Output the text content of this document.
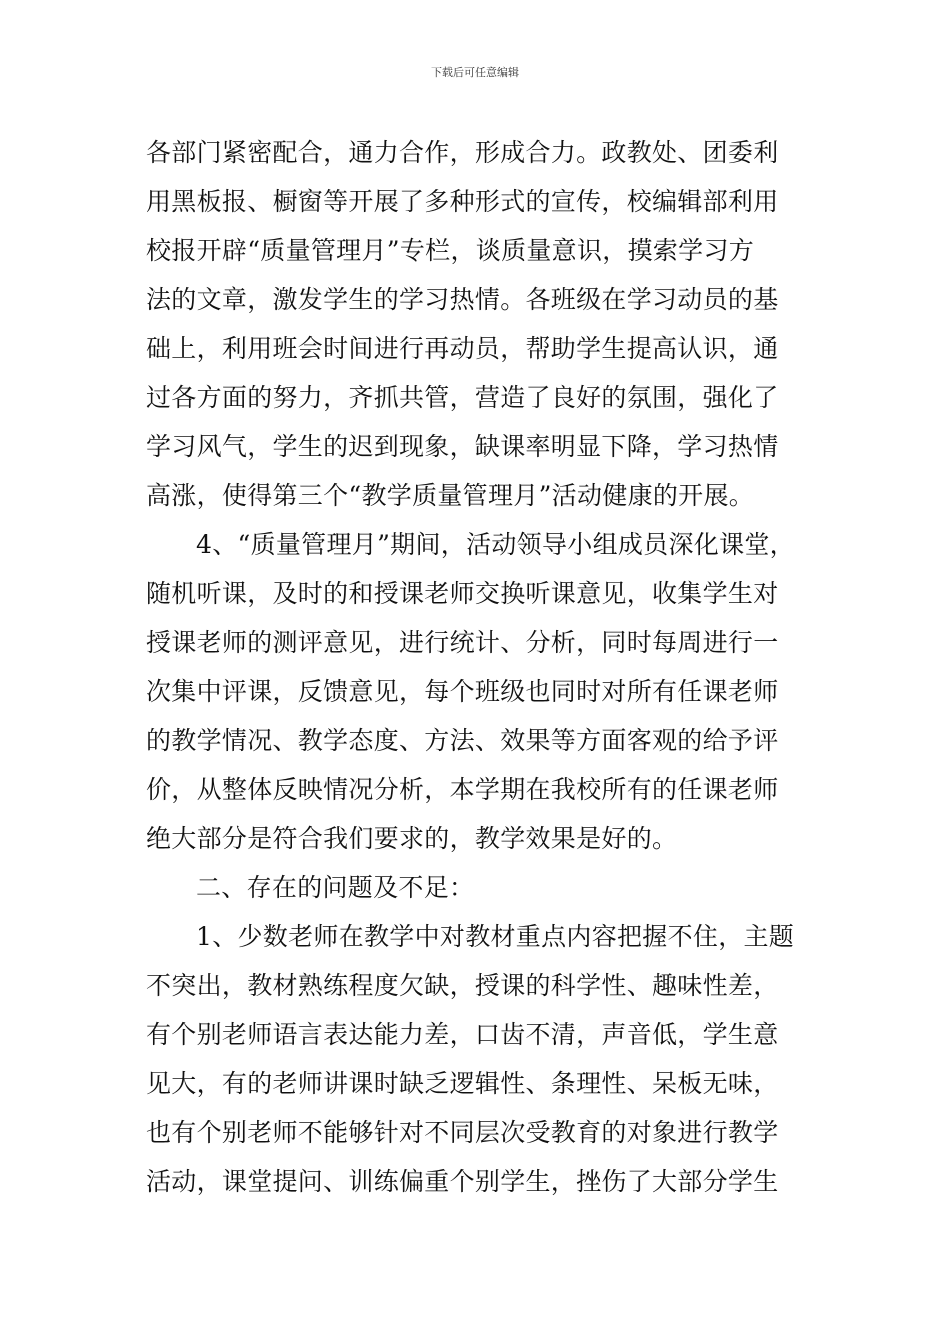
下载后可任意编辑
各部门紧密配合，通力合作，形成合力。政教处、团委利
用黑板报、橱窗等开展了多种形式的宣传，校编辑部利用
校报开辟“质量管理月”专栏，谈质量意识，摸索学习方
法的文章，激发学生的学习热情。各班级在学习动员的基
础上，利用班会时间进行再动员，帮助学生提高认识，通
过各方面的努力，齐抓共管，营造了良好的氛围，强化了
学习风气，学生的迟到现象，缺课率明显下降，学习热情
高涨，使得第三个“教学质量管理月”活动健康的开展。
4、“质量管理月”期间，活动领导小组成员深化课堂，
随机听课，及时的和授课老师交换听课意见，收集学生对
授课老师的测评意见，进行统计、分析，同时每周进行一
次集中评课，反馈意见，每个班级也同时对所有任课老师
的教学情况、教学态度、方法、效果等方面客观的给予评
价，从整体反映情况分析，本学期在我校所有的任课老师
绝大部分是符合我们要求的，教学效果是好的。
二、存在的问题及不足：
1、少数老师在教学中对教材重点内容把握不住，主题
不突出，教材熟练程度欠缺，授课的科学性、趣味性差，
有个别老师语言表达能力差，口齿不清，声音低，学生意
见大，有的老师讲课时缺乏逻辑性、条理性、呆板无味，
也有个别老师不能够针对不同层次受教育的对象进行教学
活动，课堂提问、训练偏重个别学生，挫伤了大部分学生
